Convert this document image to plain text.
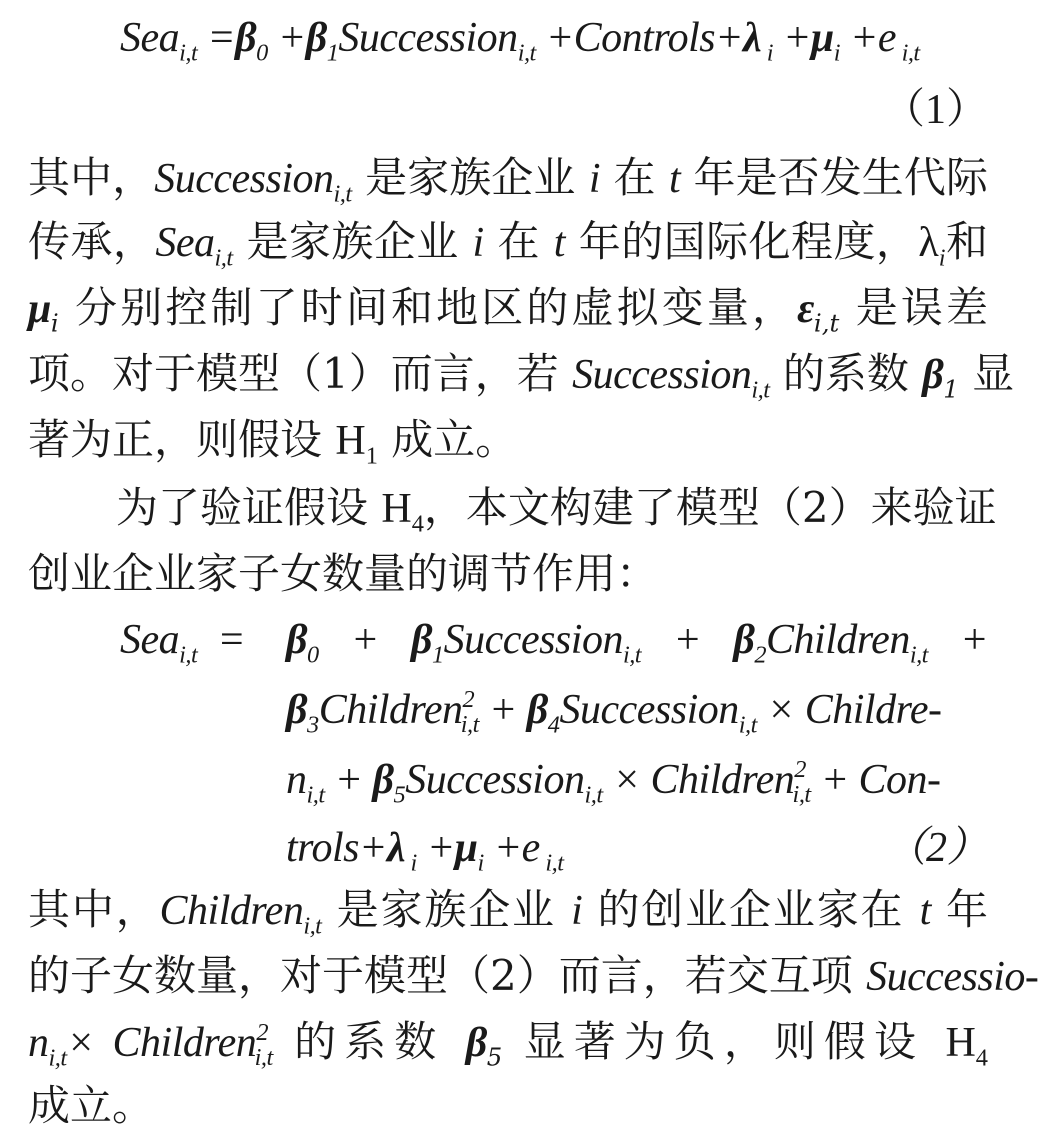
$Sea_{i,t} =\beta_0$ $+\beta_1Succession_{i,t}$ +Controls+λ $_i +\mu_i +e$ $_{i,t}$
（1）
其中，Succession$_{i,t}$ 是家族企业 i 在 t 年是否发生代际
传承，Sea$_{i,t}$ 是家族企业 i 在 t 年的国际化程度，$\lambda_i$和
$\mu_i$ 分别控制了时间和地区的虚拟变量，$\varepsilon_{i,t}$ 是误差
项。对于模型（1）而言，若 Succession$_{i,t}$ 的系数 $\beta_1$ 显
著为正，则假设 $H_1$ 成立。
为了验证假设 $H_4$，本文构建了模型（2）来验证
创业企业家子女数量的调节作用：
$Sea_{i,t} = \beta_0$  +  $\beta_1Succession_{i,t}$  +  $\beta_2Children_{i,t}$  +
$\beta_3Children^2_{i,t}$ + $\beta_4Succession_{i,t}$ × Childre-
$n_{i,t}$ + $\beta_5Succession_{i,t}$ × Children$^2_{i,t}$ + Con-
trols+λ $_i +\mu_i +e$ $_{i,t}$	（2）
其中，Children$_{i,t}$ 是家族企业 i 的创业企业家在 t 年
的子女数量，对于模型（2）而言，若交互项 Successio-
$n_{i,t}\times$ Children$^2_{i,t}$ 的系数 $\beta_5$ 显著为负，则假设 $H_4$
成立。
